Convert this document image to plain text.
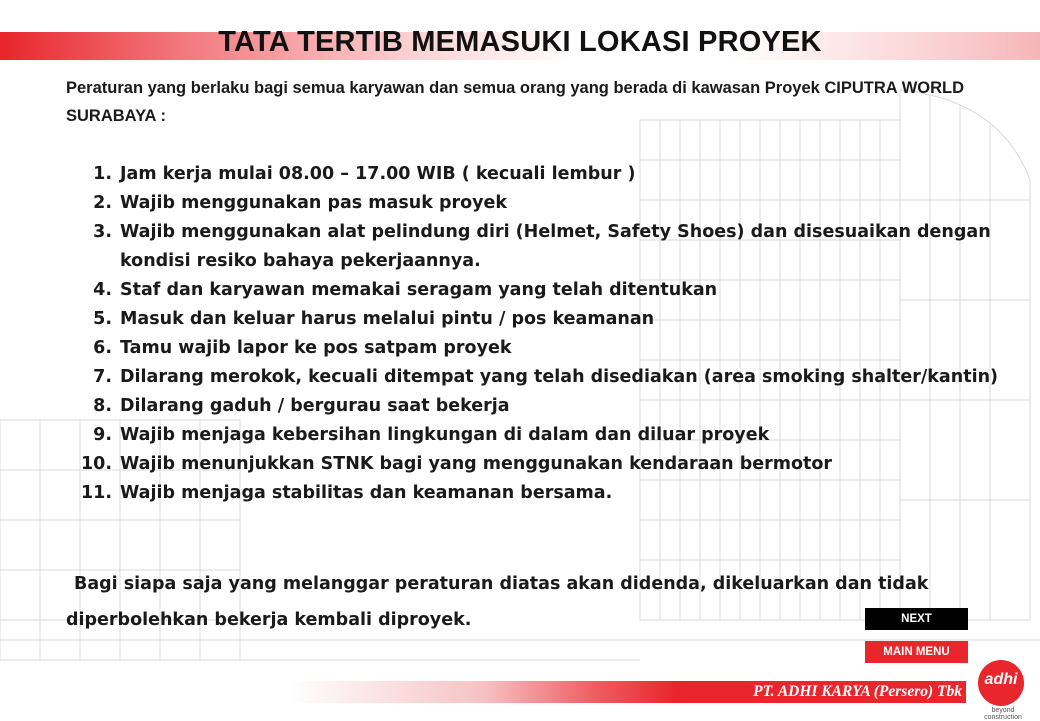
TATA TERTIB MEMASUKI LOKASI PROYEK
Peraturan yang berlaku bagi semua karyawan dan semua orang yang berada di kawasan Proyek CIPUTRA WORLD SURABAYA :
1. Jam kerja mulai 08.00 – 17.00 WIB ( kecuali lembur )
2. Wajib menggunakan pas masuk proyek
3. Wajib menggunakan alat pelindung diri (Helmet, Safety Shoes) dan disesuaikan dengan kondisi resiko bahaya pekerjaannya.
4. Staf dan karyawan memakai seragam yang telah ditentukan
5. Masuk dan keluar harus melalui pintu / pos keamanan
6. Tamu wajib lapor ke pos satpam proyek
7. Dilarang merokok, kecuali ditempat yang telah disediakan (area smoking shalter/kantin)
8. Dilarang gaduh / bergurau saat bekerja
9. Wajib menjaga kebersihan lingkungan di dalam dan diluar proyek
10. Wajib menunjukkan STNK bagi yang menggunakan kendaraan bermotor
11. Wajib menjaga stabilitas dan keamanan bersama.
Bagi siapa saja yang melanggar peraturan diatas akan didenda, dikeluarkan dan tidak diperbolehkan bekerja kembali diproyek.	NEXT
MAIN MENU
PT. ADHI KARYA (Persero) Tbk
adhi
beyond construction
